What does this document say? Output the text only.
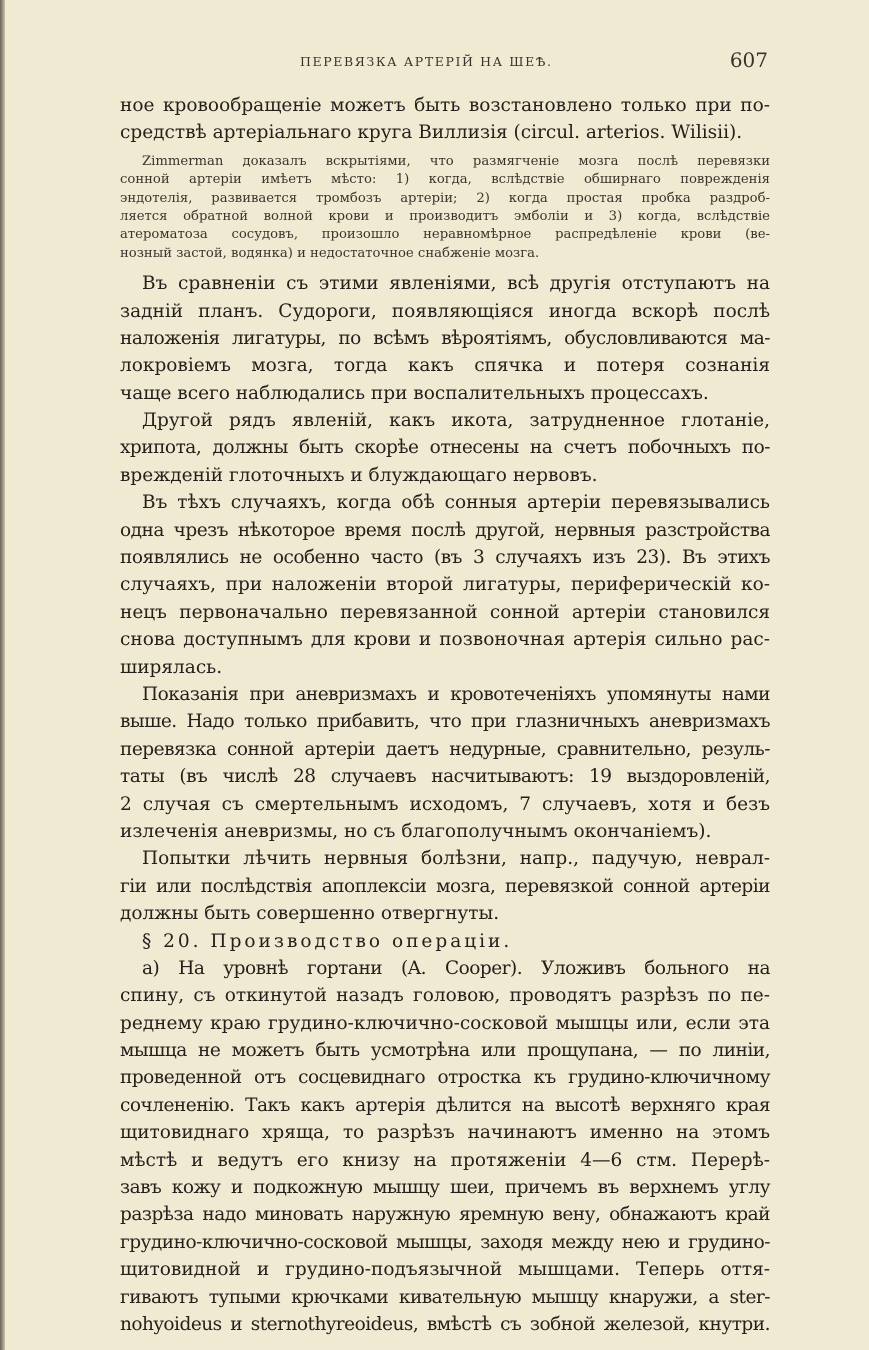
ПЕРЕВЯЗКА АРТЕРІЙ НА ШЕѢ.	607
ное кровообращеніе можетъ быть возстановлено только при по-
средствѣ артеріальнаго круга Виллизія (circul. arterios. Wilisii).
Zimmerman доказалъ вскрытіями, что размягченіе мозга послѣ перевязки
сонной артеріи имѣетъ мѣсто: 1) когда, вслѣдствіе обширнаго поврежденія
эндотелія, развивается тромбозъ артеріи; 2) когда простая пробка раздроб-
ляется обратной волной крови и производитъ эмболіи и 3) когда, вслѣдствіе
атероматоза сосудовъ, произошло неравномѣрное распредѣленіе крови (ве-
нозный застой, водянка) и недостаточное снабженіе мозга.
Въ сравненіи съ этими явленіями, всѣ другія отступаютъ на
задній планъ. Судороги, появляющіяся иногда вскорѣ послѣ
наложенія лигатуры, по всѣмъ вѣроятіямъ, обусловливаются ма-
локровіемъ мозга, тогда какъ спячка и потеря сознанія
чаще всего наблюдались при воспалительныхъ процессахъ.
Другой рядъ явленій, какъ икота, затрудненное глотаніе,
хрипота, должны быть скорѣе отнесены на счетъ побочныхъ по-
врежденій глоточныхъ и блуждающаго нервовъ.
Въ тѣхъ случаяхъ, когда обѣ сонныя артеріи перевязывались
одна чрезъ нѣкоторое время послѣ другой, нервныя разстройства
появлялись не особенно часто (въ 3 случаяхъ изъ 23). Въ этихъ
случаяхъ, при наложеніи второй лигатуры, периферическій ко-
нецъ первоначально перевязанной сонной артеріи становился
снова доступнымъ для крови и позвоночная артерія сильно рас-
ширялась.
Показанія при аневризмахъ и кровотеченіяхъ упомянуты нами
выше. Надо только прибавить, что при глазничныхъ аневризмахъ
перевязка сонной артеріи даетъ недурные, сравнительно, резуль-
таты (въ числѣ 28 случаевъ насчитываютъ: 19 выздоровленій,
2 случая съ смертельнымъ исходомъ, 7 случаевъ, хотя и безъ
излеченія аневризмы, но съ благополучнымъ окончаніемъ).
Попытки лѣчить нервныя болѣзни, напр., падучую, неврал-
гіи или послѣдствія апоплексіи мозга, перевязкой сонной артеріи
должны быть совершенно отвергнуты.
§ 20. Производство операціи.
а) На уровнѣ гортани (A. Cooper). Уложивъ больного на
спину, съ откинутой назадъ головою, проводятъ разрѣзъ по пе-
реднему краю грудино-ключично-сосковой мышцы или, если эта
мышца не можетъ быть усмотрѣна или прощупана, — по линіи,
проведенной отъ сосцевиднаго отростка къ грудино-ключичному
сочлененію. Такъ какъ артерія дѣлится на высотѣ верхняго края
щитовиднаго хряща, то разрѣзъ начинаютъ именно на этомъ
мѣстѣ и ведутъ его книзу на протяженіи 4—6 стм. Перерѣ-
завъ кожу и подкожную мышцу шеи, причемъ въ верхнемъ углу
разрѣза надо миновать наружную яремную вену, обнажаютъ край
грудино-ключично-сосковой мышцы, заходя между нею и грудино-
щитовидной и грудино-подъязычной мышцами. Теперь оття-
гиваютъ тупыми крючками кивательную мышцу кнаружи, а ster-
nohyoideus и sternothyreoideus, вмѣстѣ съ зобной железой, кнутри.
